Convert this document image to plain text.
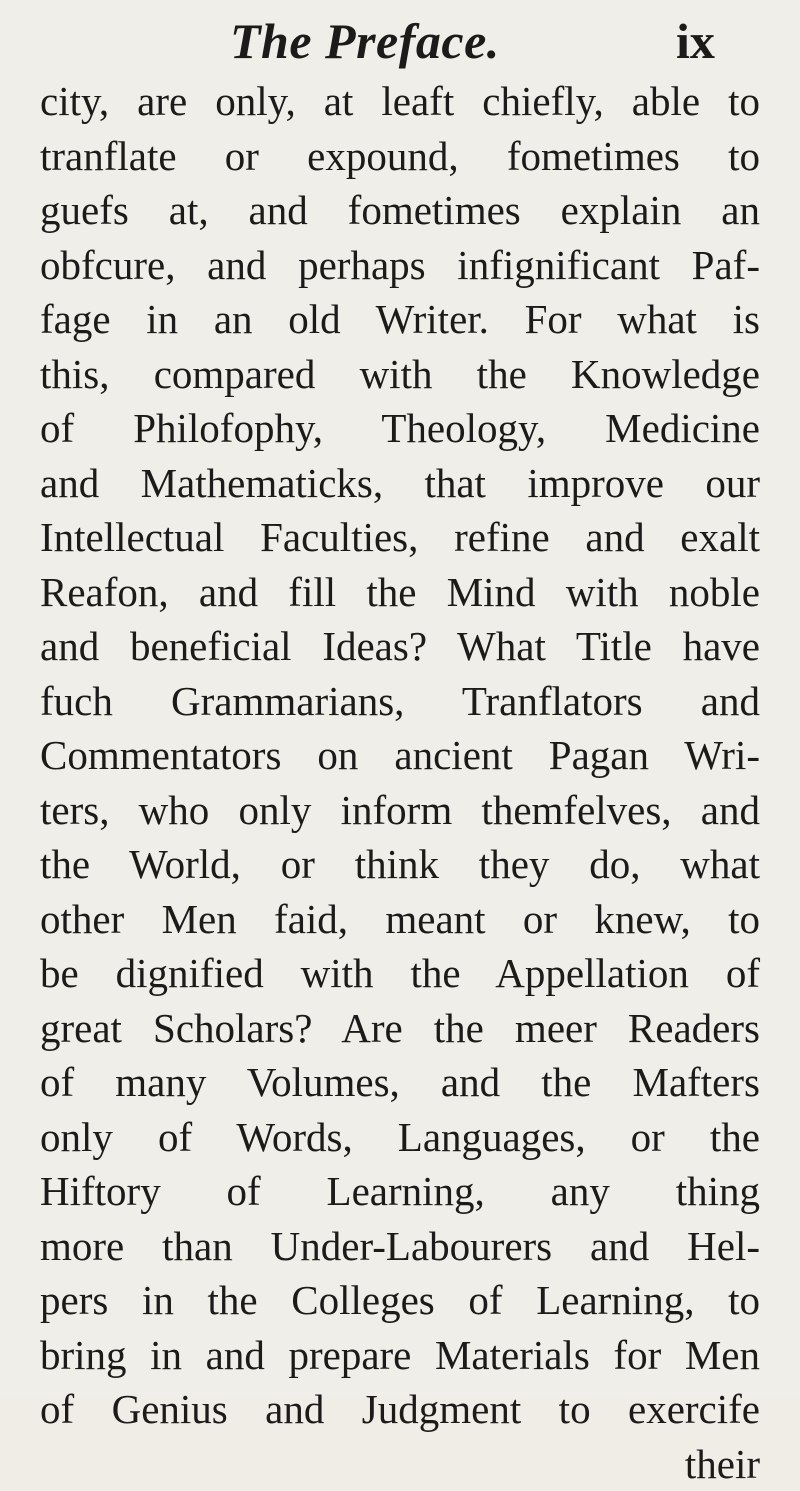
The Preface.	ix
city, are only, at leaft chiefly, able to
tranflate or expound, fometimes to
guefs at, and fometimes explain an
obfcure, and perhaps infignificant Paf-
fage in an old Writer. For what is
this, compared with the Knowledge
of Philofophy, Theology, Medicine
and Mathematicks, that improve our
Intellectual Faculties, refine and exalt
Reafon, and fill the Mind with noble
and beneficial Ideas? What Title have
fuch Grammarians, Tranflators and
Commentators on ancient Pagan Wri-
ters, who only inform themfelves, and
the World, or think they do, what
other Men faid, meant or knew, to
be dignified with the Appellation of
great Scholars? Are the meer Readers
of many Volumes, and the Mafters
only of Words, Languages, or the
Hiftory of Learning, any thing
more than Under-Labourers and Hel-
pers in the Colleges of Learning, to
bring in and prepare Materials for Men
of Genius and Judgment to exercife
their
